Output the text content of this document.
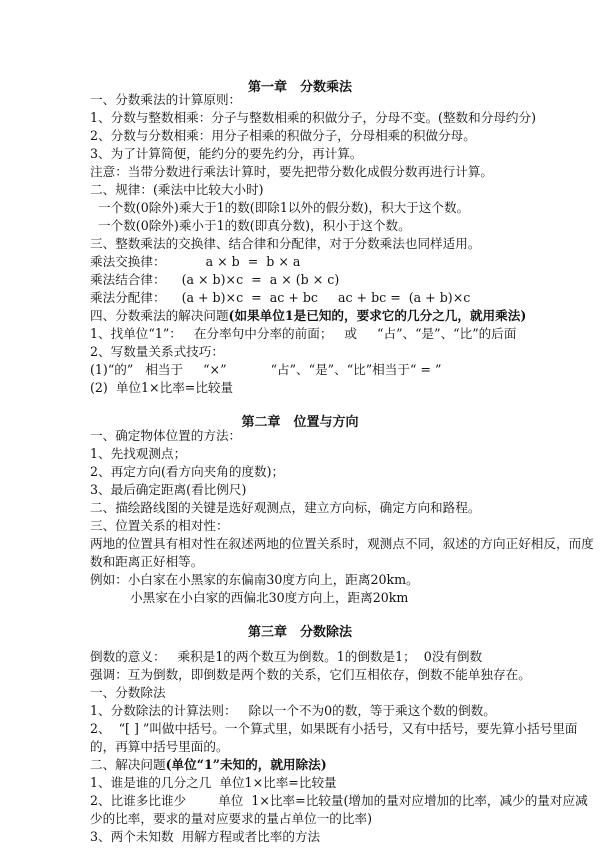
第一章　分数乘法
一、分数乘法的计算原则：
1、分数与整数相乘：分子与整数相乘的积做分子，分母不变。(整数和分母约分)
2、分数与分数相乘：用分子相乘的积做分子，分母相乘的积做分母。
3、为了计算简便，能约分的要先约分，再计算。
注意：当带分数进行乘法计算时，要先把带分数化成假分数再进行计算。
二、规律：(乘法中比较大小时)
一个数(0除外)乘大于1的数(即除1以外的假分数)，积大于这个数。
一个数(0除外)乘小于1的数(即真分数)，积小于这个数。
三、整数乘法的交换律、结合律和分配律，对于分数乘法也同样适用。
乘法交换律：          a × b  =  b × a
乘法结合律：    (a × b)×c  =  a × (b × c)
乘法分配律：    (a + b)×c  =  ac + bc     ac + bc =  (a + b)×c
四、分数乘法的解决问题(如果单位1是已知的，要求它的几分之几，就用乘法)
1、找单位“1”：   在分率句中分率的前面；   或     “占”、“是”、“比”的后面
2、写数量关系式技巧：
(1)“的”   相当于     “×”           “占”、“是”、“比”相当于“ = ”
(2)  单位1×比率=比较量
第二章　位置与方向
一、确定物体位置的方法：
1、先找观测点；
2、再定方向(看方向夹角的度数)；
3、最后确定距离(看比例尺)
二、描绘路线图的关键是选好观测点，建立方向标，确定方向和路程。
三、位置关系的相对性：
两地的位置具有相对性在叙述两地的位置关系时，观测点不同，叙述的方向正好相反，而度
数和距离正好相等。
例如：小白家在小黑家的东偏南30度方向上，距离20km。
小黑家在小白家的西偏北30度方向上，距离20km
第三章　分数除法
倒数的意义：   乘积是1的两个数互为倒数。1的倒数是1；  0没有倒数
强调：互为倒数，即倒数是两个数的关系，它们互相依存，倒数不能单独存在。
一、分数除法
1、分数除法的计算法则：   除以一个不为0的数，等于乘这个数的倒数。
2、  “[ ] ”叫做中括号。一个算式里，如果既有小括号，又有中括号，要先算小括号里面
的，再算中括号里面的。
二、解决问题(单位“1”未知的，就用除法)
1、谁是谁的几分之几  单位1×比率=比较量
2、比谁多比谁少        单位  1×比率=比较量(增加的量对应增加的比率，减少的量对应减
少的比率，要求的量对应要求的量占单位一的比率)
3、两个未知数  用解方程或者比率的方法
